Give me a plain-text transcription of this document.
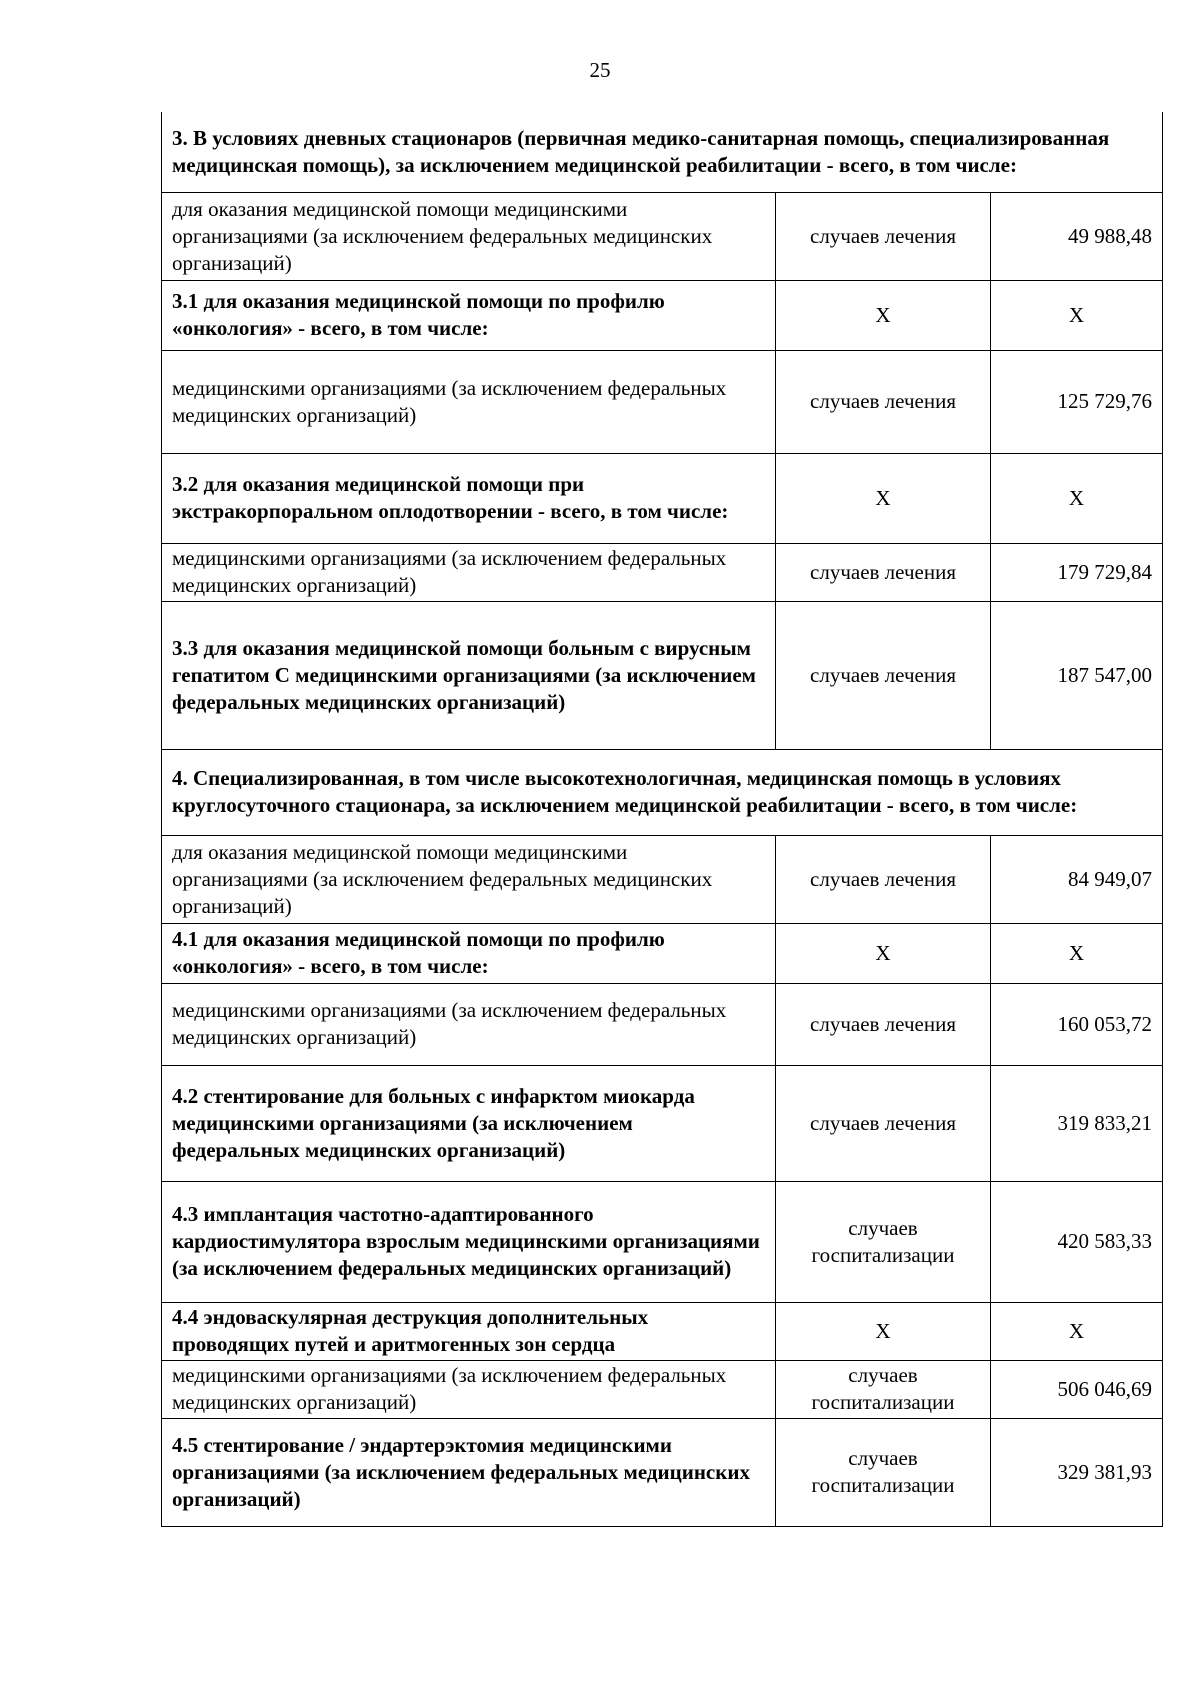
25
3. В условиях дневных стационаров (первичная медико-санитарная помощь, специализированная медицинская помощь), за исключением медицинской реабилитации - всего, в том числе:		
для оказания медицинской помощи медицинскими организациями (за исключением федеральных медицинских организаций)	случаев лечения	49 988,48
3.1 для оказания медицинской помощи по профилю «онкология» - всего, в том числе:	X	X
медицинскими организациями (за исключением федеральных медицинских организаций)	случаев лечения	125 729,76
3.2 для оказания медицинской помощи при экстракорпоральном оплодотворении - всего, в том числе:	X	X
медицинскими организациями (за исключением федеральных медицинских организаций)	случаев лечения	179 729,84
3.3 для оказания медицинской помощи больным с вирусным гепатитом С медицинскими организациями (за исключением федеральных медицинских организаций)	случаев лечения	187 547,00
4. Специализированная, в том числе высокотехнологичная, медицинская помощь в условиях круглосуточного стационара, за исключением медицинской реабилитации - всего, в том числе:		
для оказания медицинской помощи медицинскими организациями (за исключением федеральных медицинских организаций)	случаев лечения	84 949,07
4.1 для оказания медицинской помощи по профилю «онкология» - всего, в том числе:	X	X
медицинскими организациями (за исключением федеральных медицинских организаций)	случаев лечения	160 053,72
4.2 стентирование для больных с инфарктом миокарда медицинскими организациями (за исключением федеральных медицинских организаций)	случаев лечения	319 833,21
4.3 имплантация частотно-адаптированного кардиостимулятора взрослым медицинскими организациями (за исключением федеральных медицинских организаций)	случаев госпитализации	420 583,33
4.4 эндоваскулярная деструкция дополнительных проводящих путей и аритмогенных зон сердца	X	X
медицинскими организациями (за исключением федеральных медицинских организаций)	случаев госпитализации	506 046,69
4.5 стентирование / эндартерэктомия медицинскими организациями (за исключением федеральных медицинских организаций)	случаев госпитализации	329 381,93
